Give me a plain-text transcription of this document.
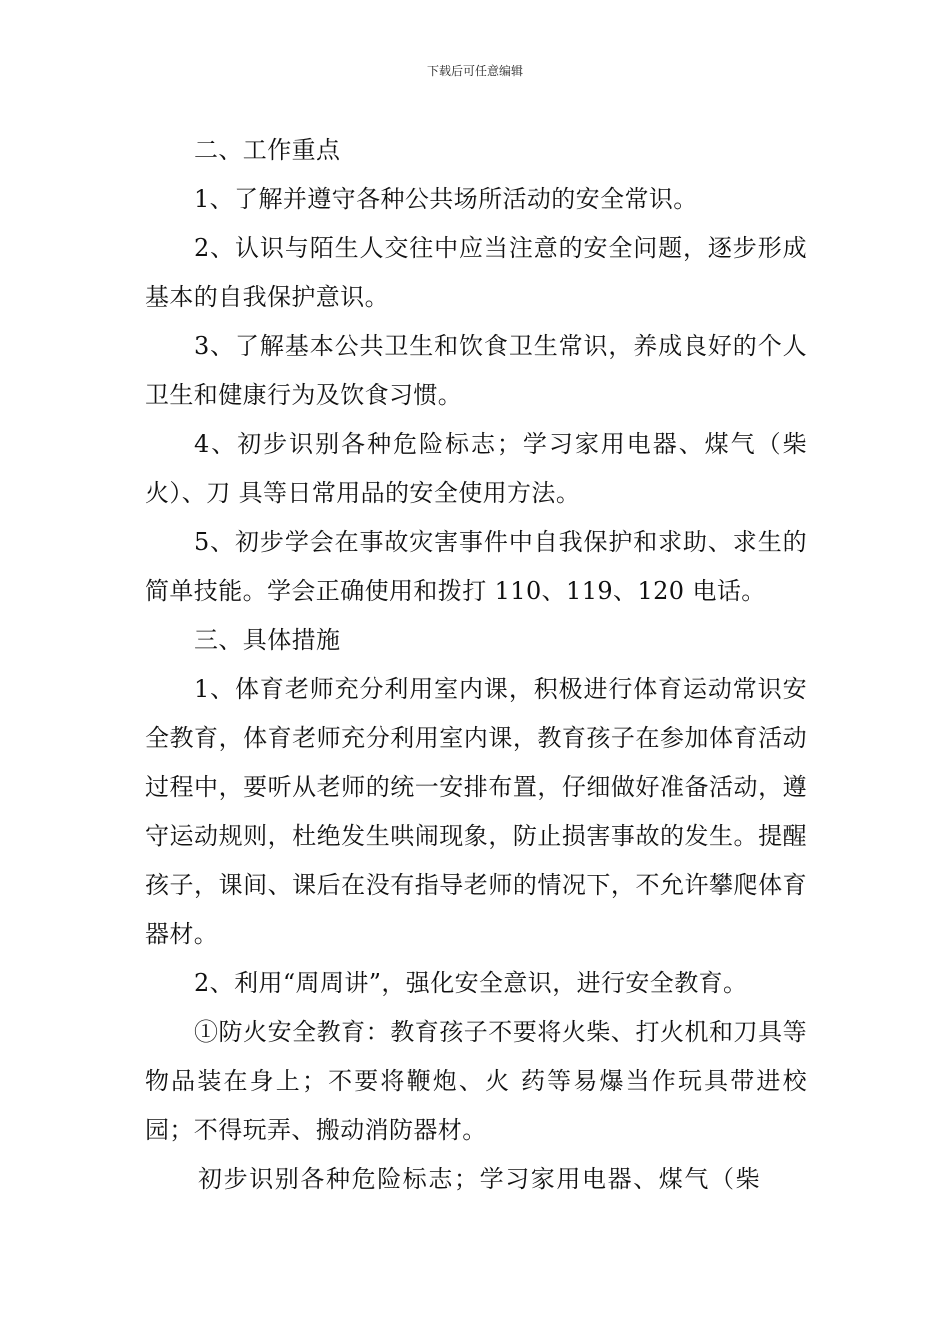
下载后可任意编辑

二、工作重点

1、了解并遵守各种公共场所活动的安全常识。

2、认识与陌生人交往中应当注意的安全问题，逐步形成基本的自我保护意识。

3、了解基本公共卫生和饮食卫生常识，养成良好的个人卫生和健康行为及饮食习惯。

4、初步识别各种危险标志；学习家用电器、煤气（柴火）、刀 具等日常用品的安全使用方法。

5、初步学会在事故灾害事件中自我保护和求助、求生的简单技能。学会正确使用和拨打 110、119、120 电话。

三、具体措施

1、体育老师充分利用室内课，积极进行体育运动常识安全教育，体育老师充分利用室内课，教育孩子在参加体育活动过程中，要听从老师的统一安排布置，仔细做好准备活动，遵守运动规则，杜绝发生哄闹现象，防止损害事故的发生。提醒孩子，课间、课后在没有指导老师的情况下，不允许攀爬体育器材。

2、利用“周周讲”，强化安全意识，进行安全教育。

①防火安全教育：教育孩子不要将火柴、打火机和刀具等物品装在身上；不要将鞭炮、火 药等易爆当作玩具带进校园；不得玩弄、搬动消防器材。

初步识别各种危险标志；学习家用电器、煤气（柴
